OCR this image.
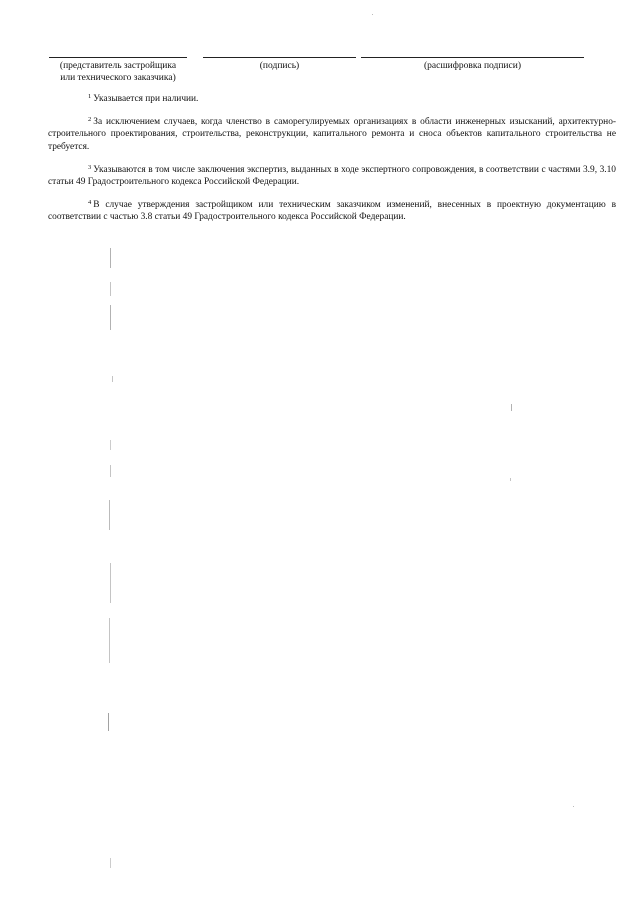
(представитель застройщика
или технического заказчика)
(подпись)	(расшифровка подписи)

$^1$ Указывается при наличии.

$^2$ За исключением случаев, когда членство в саморегулируемых организациях в области инженерных изысканий, архитектурно-строительного проектирования, строительства, реконструкции, капитального ремонта и сноса объектов капитального строительства не требуется.

$^3$ Указываются в том числе заключения экспертиз, выданных в ходе экспертного сопровождения, в соответствии с частями 3.9, 3.10 статьи 49 Градостроительного кодекса Российской Федерации.

$^4$ В случае утверждения застройщиком или техническим заказчиком изменений, внесенных в проектную документацию в соответствии с частью 3.8 статьи 49 Градостроительного кодекса Российской Федерации.
